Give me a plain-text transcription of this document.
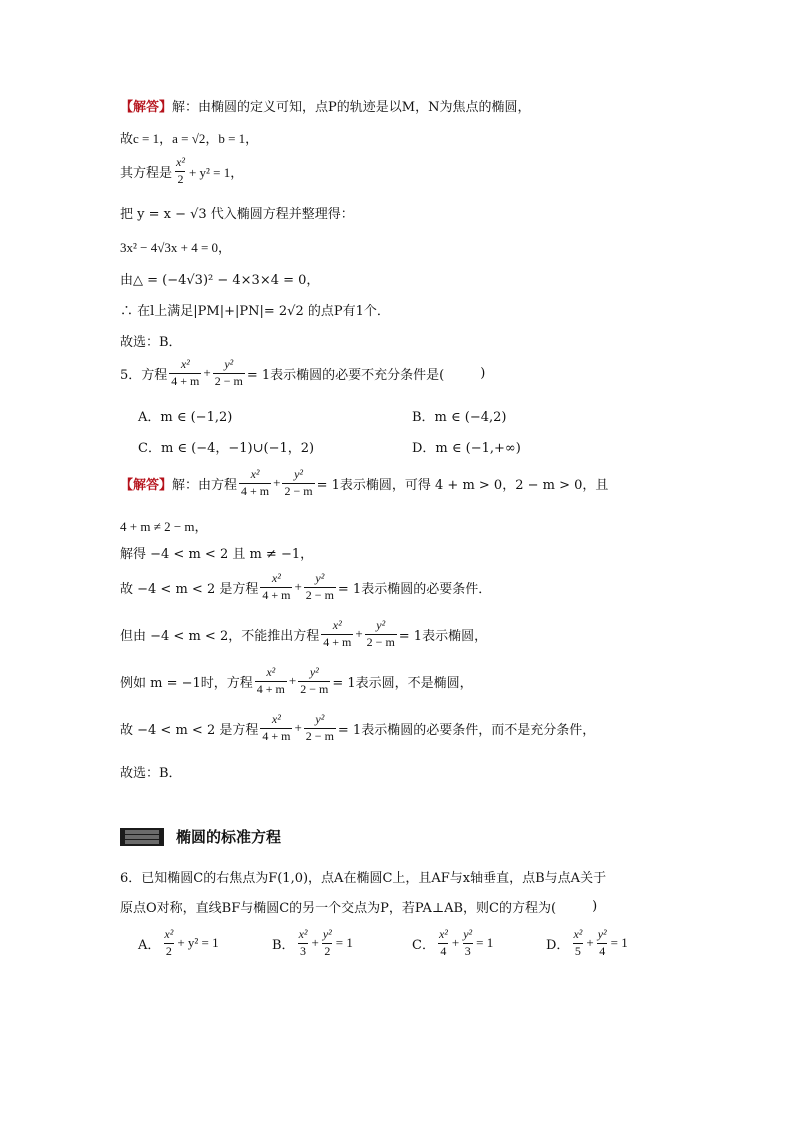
【解答】 解：由椭圆的定义可知，点P的轨迹是以M，N为焦点的椭圆，
故c = 1，a = √2，b = 1，
其方程是 $\frac{\text{x²}}{2} + y^2 = 1$，
把 y = x − √3 代入椭圆方程并整理得：
3x² − 4√3x + 4 = 0，
由△ = (−4√3)² − 4×3×4 = 0，
∴ 在l上满足|PM|+|PN|= 2√2 的点P有1个．
故选：B．
5．方程 $\frac{\text{x²}}{4 + m} + \frac{\text{y²}}{2 - m} = 1$表示椭圆的必要不充分条件是(	)
A．m ∈ (−1,2)	B．m ∈ (−4,2)
C．m ∈ (−4，−1)∪(−1，2)	D．m ∈ (−1,+∞)
【解答】 解：由方程 $\frac{\text{x²}}{4 + m} + \frac{\text{y²}}{2 - m} = 1$表示椭圆，可得 4 + m > 0，2 − m > 0，且
4 + m ≠ 2 − m，
解得 −4 < m < 2 且 m ≠ −1，
故 −4 < m < 2 是方程 $\frac{\text{x²}}{4 + m} + \frac{\text{y²}}{2 - m} = 1$表示椭圆的必要条件．
但由 −4 < m < 2，不能推出方程 $\frac{\text{x²}}{4 + m} + \frac{\text{y²}}{2 - m} = 1$表示椭圆，
例如 m = −1时，方程 $\frac{\text{x²}}{4 + m} + \frac{\text{y²}}{2 - m} = 1$表示圆，不是椭圆，
故 −4 < m < 2 是方程 $\frac{\text{x²}}{4 + m} + \frac{\text{y²}}{2 - m} = 1$表示椭圆的必要条件，而不是充分条件，
故选：B．
椭圆的标准方程
6．已知椭圆C的右焦点为F(1,0)，点A在椭圆C上，且AF与x轴垂直，点B与点A关于
原点O对称，直线BF与椭圆C的另一个交点为P，若PA⊥AB，则C的方程为(	)
A． $\frac{\text{x²}}{2} + y^2 = 1$	B． $\frac{\text{x²}}{3} + \frac{\text{y²}}{2} = 1$	C． $\frac{\text{x²}}{4} + \frac{\text{y²}}{3} = 1$	D． $\frac{\text{x²}}{5} + \frac{\text{y²}}{4} = 1$
